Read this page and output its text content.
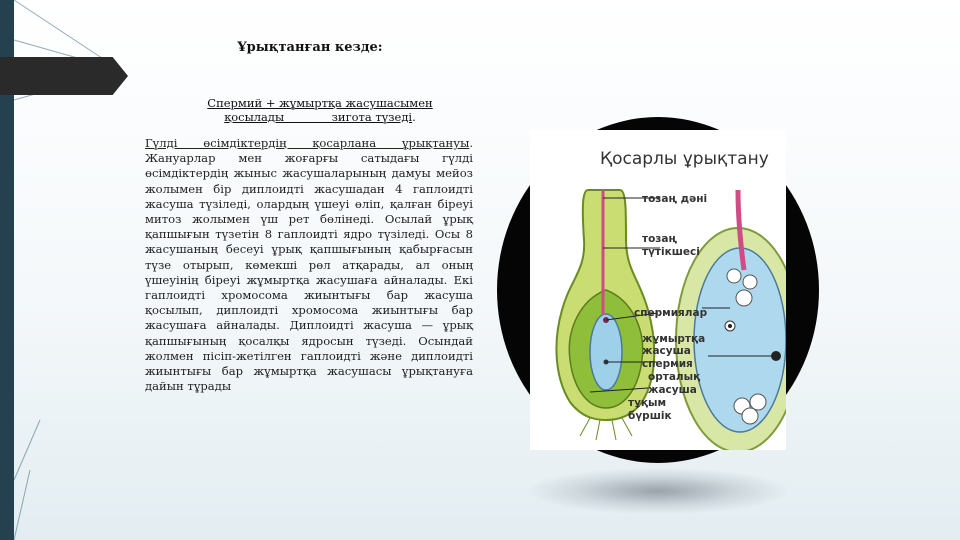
Ұрықтанған кезде:
Спермий + жұмыртқа жасушасымен
қосылады             зигота түзеді.
Гүлді өсімдіктердің қосарлана ұрықтануы. Жануарлар мен жоғарғы сатыдағы гүлді өсімдіктердің жыныс жасушаларының дамуы мейоз жолымен бір диплоидті жасушадан 4 гаплоидті жасуша түзіледі, олардың үшеуі өліп, қалған біреуі митоз жолымен үш рет бөлінеді. Осылай ұрық қапшығын түзетін 8 гаплоидті ядро түзіледі. Осы 8 жасушаның бесеуі ұрық қапшығының қабырғасын түзе отырып, көмекші рөл атқарады, ал оның үшеуінің біреуі жұмыртқа жасушаға айналады. Екі гаплоидті хромосома жиынтығы бар жасуша қосылып, диплоидті хромосома жиынтығы бар жасушаға айналады. Диплоидті жасуша — ұрық қапшығының қосалқы ядросын түзеді. Осындай жолмен пісіп-жетілген гаплоидті және диплоидті жиынтығы бар жұмыртқа жасушасы ұрықтануға дайын тұрады
Қосарлы ұрықтану
тозаң дәні
тозаң
түтікшесі
спермиялар
жұмыртқа
жасуша
спермия
орталық
жасуша
тұқым
бүршік
